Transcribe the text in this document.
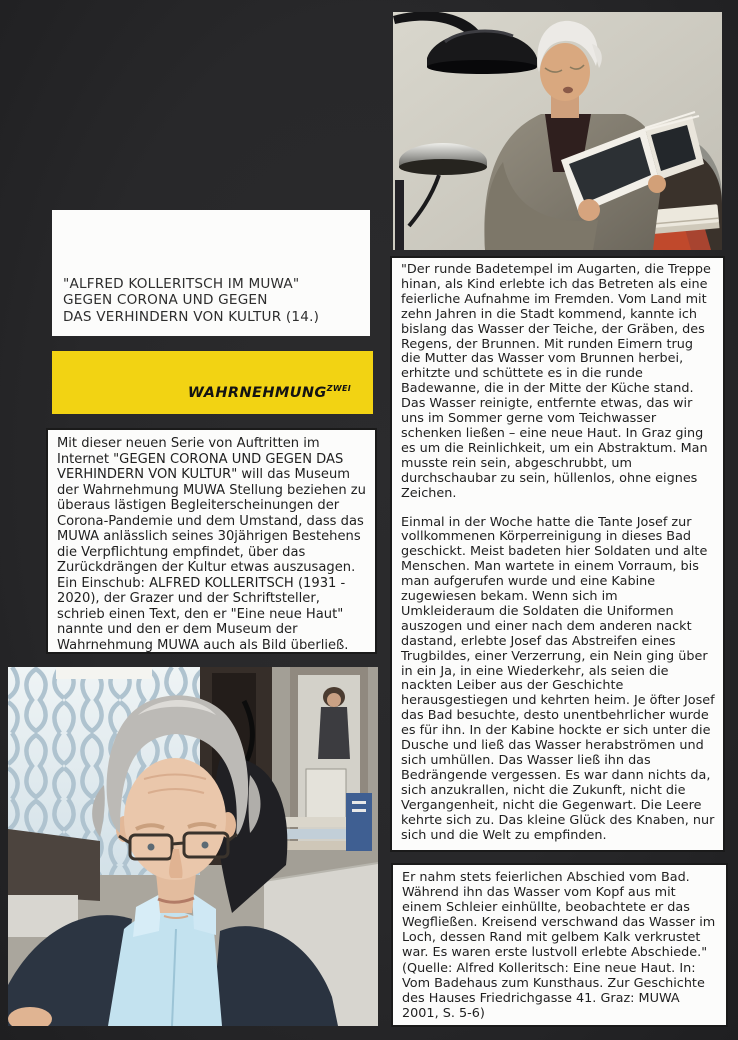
"ALFRED KOLLERITSCH IM MUWA"
GEGEN CORONA UND GEGEN
DAS VERHINDERN VON KULTUR (14.)
$WAHRNEHMUNG^{ZWEI}$
Mit dieser neuen Serie von Auftritten im Internet "GEGEN CORONA UND GEGEN DAS VERHINDERN VON KULTUR" will das Museum der Wahrnehmung MUWA Stellung beziehen zu überaus lästigen Begleiterscheinungen der Corona-Pandemie und dem Umstand, dass das MUWA anlässlich seines 30jährigen Bestehens die Verpflichtung empfindet, über das Zurückdrängen der Kultur etwas auszusagen. Ein Einschub: ALFRED KOLLERITSCH (1931 - 2020), der Grazer und der Schriftsteller, schrieb einen Text, den er "Eine neue Haut" nannte und den er dem Museum der Wahrnehmung MUWA auch als Bild überließ.

"Der runde Badetempel im Augarten, die Treppe hinan, als Kind erlebte ich das Betreten als eine feierliche Aufnahme im Fremden. Vom Land mit zehn Jahren in die Stadt kommend, kannte ich bislang das Wasser der Teiche, der Gräben, des Regens, der Brunnen. Mit runden Eimern trug die Mutter das Wasser vom Brunnen herbei, erhitzte und schüttete es in die runde Badewanne, die in der Mitte der Küche stand. Das Wasser reinigte, entfernte etwas, das wir uns im Sommer gerne vom Teichwasser schenken ließen – eine neue Haut. In Graz ging es um die Reinlichkeit, um ein Abstraktum. Man musste rein sein, abgeschrubbt, um durchschaubar zu sein, hüllenlos, ohne eignes Zeichen.

Einmal in der Woche hatte die Tante Josef zur vollkommenen Körperreinigung in dieses Bad geschickt. Meist badeten hier Soldaten und alte Menschen. Man wartete in einem Vorraum, bis man aufgerufen wurde und eine Kabine zugewiesen bekam. Wenn sich im Umkleideraum die Soldaten die Uniformen auszogen und einer nach dem anderen nackt dastand, erlebte Josef das Abstreifen eines Trugbildes, einer Verzerrung, ein Nein ging über in ein Ja, in eine Wiederkehr, als seien die nackten Leiber aus der Geschichte herausgestiegen und kehrten heim. Je öfter Josef das Bad besuchte, desto unentbehrlicher wurde es für ihn. In der Kabine hockte er sich unter die Dusche und ließ das Wasser herabströmen und sich umhüllen. Das Wasser ließ ihn das Bedrängende vergessen. Es war dann nichts da, sich anzukrallen, nicht die Zukunft, nicht die Vergangenheit, nicht die Gegenwart. Die Leere kehrte sich zu. Das kleine Glück des Knaben, nur sich und die Welt zu empfinden.

Er nahm stets feierlichen Abschied vom Bad. Während ihn das Wasser vom Kopf aus mit einem Schleier einhüllte, beobachtete er das Wegfließen. Kreisend verschwand das Wasser im Loch, dessen Rand mit gelbem Kalk verkrustet war. Es waren erste lustvoll erlebte Abschiede." (Quelle: Alfred Kolleritsch: Eine neue Haut. In: Vom Badehaus zum Kunsthaus. Zur Geschichte des Hauses Friedrichgasse 41. Graz: MUWA 2001, S. 5-6)
